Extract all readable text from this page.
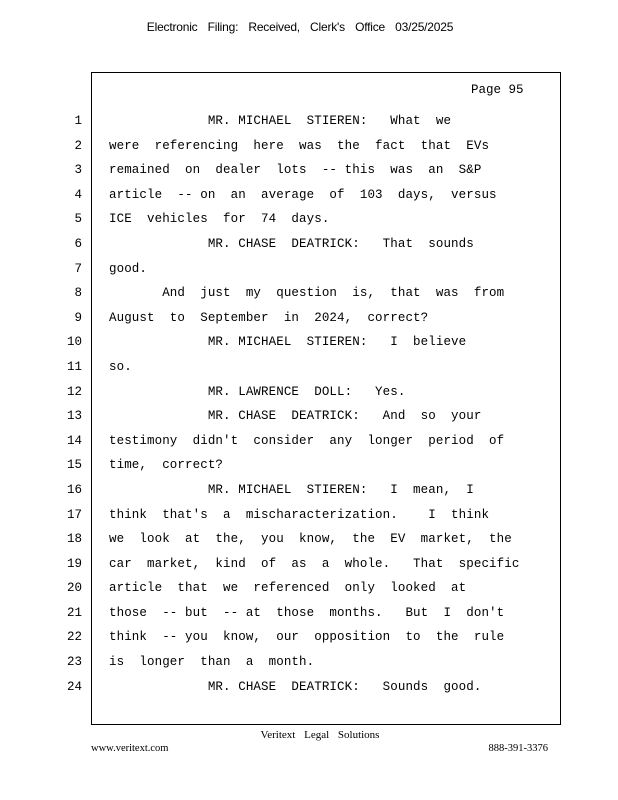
Electronic Filing: Received, Clerk's Office 03/25/2025
Page 95
1
2
3
4
5
6
7
8
9
10
11
12
13
14
15
16
17
18
19
20
21
22
23
24
MR. MICHAEL  STIEREN:   What  we
were  referencing  here  was  the  fact  that  EVs
remained  on  dealer  lots  -- this  was  an  S&P
article  -- on  an  average  of  103  days,  versus
ICE  vehicles  for  74  days.
MR. CHASE  DEATRICK:   That  sounds
good.
And  just  my  question  is,  that  was  from
August  to  September  in  2024,  correct?
MR. MICHAEL  STIEREN:   I  believe
so.
MR. LAWRENCE  DOLL:   Yes.
MR. CHASE  DEATRICK:   And  so  your
testimony  didn't  consider  any  longer  period  of
time,  correct?
MR. MICHAEL  STIEREN:   I  mean,  I
think  that's  a  mischaracterization.    I  think
we  look  at  the,  you  know,  the  EV  market,  the
car  market,  kind  of  as  a  whole.   That  specific
article  that  we  referenced  only  looked  at
those  -- but  -- at  those  months.   But  I  don't
think  -- you  know,  our  opposition  to  the  rule
is  longer  than  a  month.
MR. CHASE  DEATRICK:   Sounds  good.
Veritext Legal Solutions
www.veritext.com	888-391-3376
